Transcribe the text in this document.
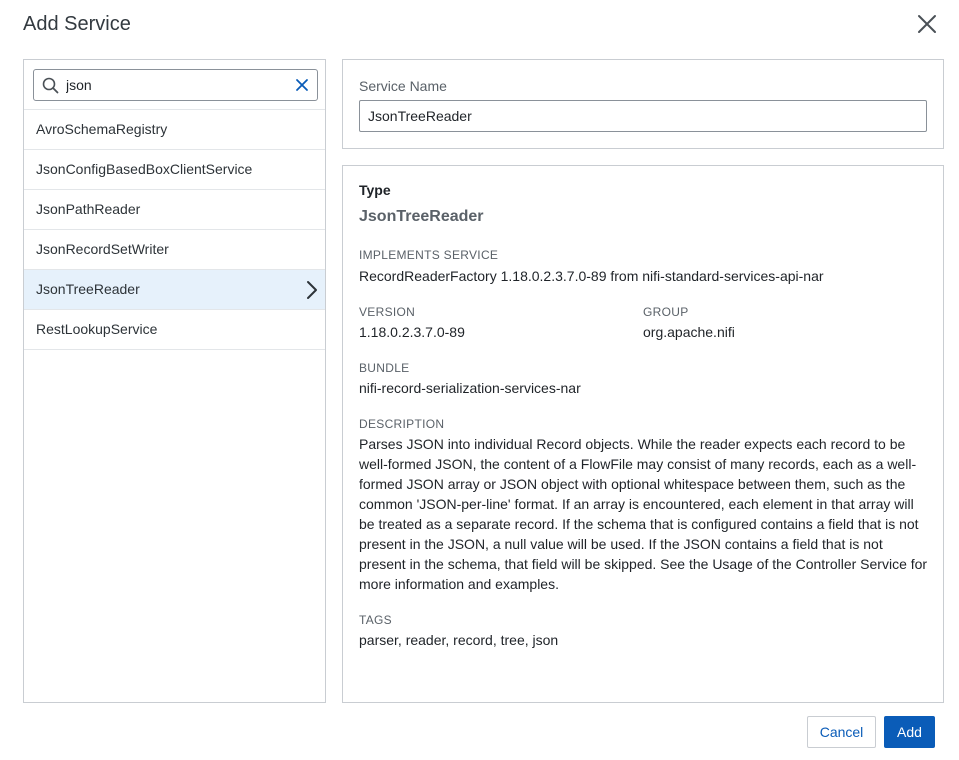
Add Service
json
AvroSchemaRegistry
JsonConfigBasedBoxClientService
JsonPathReader
JsonRecordSetWriter
JsonTreeReader
RestLookupService
Service Name
JsonTreeReader
Type
JsonTreeReader
IMPLEMENTS SERVICE
RecordReaderFactory 1.18.0.2.3.7.0-89 from nifi-standard-services-api-nar
VERSION
1.18.0.2.3.7.0-89
GROUP
org.apache.nifi
BUNDLE
nifi-record-serialization-services-nar
DESCRIPTION
Parses JSON into individual Record objects. While the reader expects each record to be well-formed JSON, the content of a FlowFile may consist of many records, each as a well-formed JSON array or JSON object with optional whitespace between them, such as the common 'JSON-per-line' format. If an array is encountered, each element in that array will be treated as a separate record. If the schema that is configured contains a field that is not present in the JSON, a null value will be used. If the JSON contains a field that is not present in the schema, that field will be skipped. See the Usage of the Controller Service for more information and examples.
TAGS
parser, reader, record, tree, json
Cancel	Add
